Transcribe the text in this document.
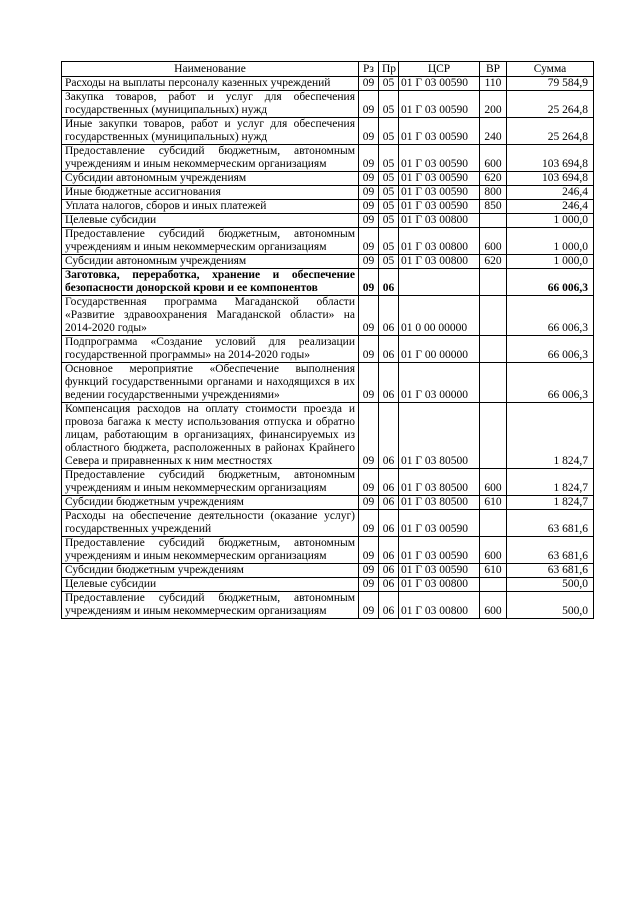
Наименование	Рз	Пр	ЦСР	ВР	Сумма
Расходы на выплаты персоналу казенных учреждений	09	05	01 Г 03 00590	110	79 584,9
Закупка товаров, работ и услуг для обеспечения государственных (муниципальных) нужд	09	05	01 Г 03 00590	200	25 264,8
Иные закупки товаров, работ и услуг для обеспечения государственных (муниципальных) нужд	09	05	01 Г 03 00590	240	25 264,8
Предоставление субсидий бюджетным, автономным учреждениям и иным некоммерческим организациям	09	05	01 Г 03 00590	600	103 694,8
Субсидии автономным учреждениям	09	05	01 Г 03 00590	620	103 694,8
Иные бюджетные ассигнования	09	05	01 Г 03 00590	800	246,4
Уплата налогов, сборов и иных платежей	09	05	01 Г 03 00590	850	246,4
Целевые субсидии	09	05	01 Г 03 00800		1 000,0
Предоставление субсидий бюджетным, автономным учреждениям и иным некоммерческим организациям	09	05	01 Г 03 00800	600	1 000,0
Субсидии автономным учреждениям	09	05	01 Г 03 00800	620	1 000,0
Заготовка, переработка, хранение и обеспечение безопасности донорской крови и ее компонентов	09	06			66 006,3
Государственная программа Магаданской области «Развитие здравоохранения Магаданской области» на 2014-2020 годы»	09	06	01 0 00 00000		66 006,3
Подпрограмма «Создание условий для реализации государственной программы» на 2014-2020 годы»	09	06	01 Г 00 00000		66 006,3
Основное мероприятие «Обеспечение выполнения функций государственными органами и находящихся в их ведении государственными учреждениями»	09	06	01 Г 03 00000		66 006,3
Компенсация расходов на оплату стоимости проезда и провоза багажа к месту использования отпуска и обратно лицам, работающим в организациях, финансируемых из областного бюджета, расположенных в районах Крайнего Севера и приравненных к ним местностях	09	06	01 Г 03 80500		1 824,7
Предоставление субсидий бюджетным, автономным учреждениям и иным некоммерческим организациям	09	06	01 Г 03 80500	600	1 824,7
Субсидии бюджетным учреждениям	09	06	01 Г 03 80500	610	1 824,7
Расходы на обеспечение деятельности (оказание услуг) государственных учреждений	09	06	01 Г 03 00590		63 681,6
Предоставление субсидий бюджетным, автономным учреждениям и иным некоммерческим организациям	09	06	01 Г 03 00590	600	63 681,6
Субсидии бюджетным учреждениям	09	06	01 Г 03 00590	610	63 681,6
Целевые субсидии	09	06	01 Г 03 00800		500,0
Предоставление субсидий бюджетным, автономным учреждениям и иным некоммерческим организациям	09	06	01 Г 03 00800	600	500,0
